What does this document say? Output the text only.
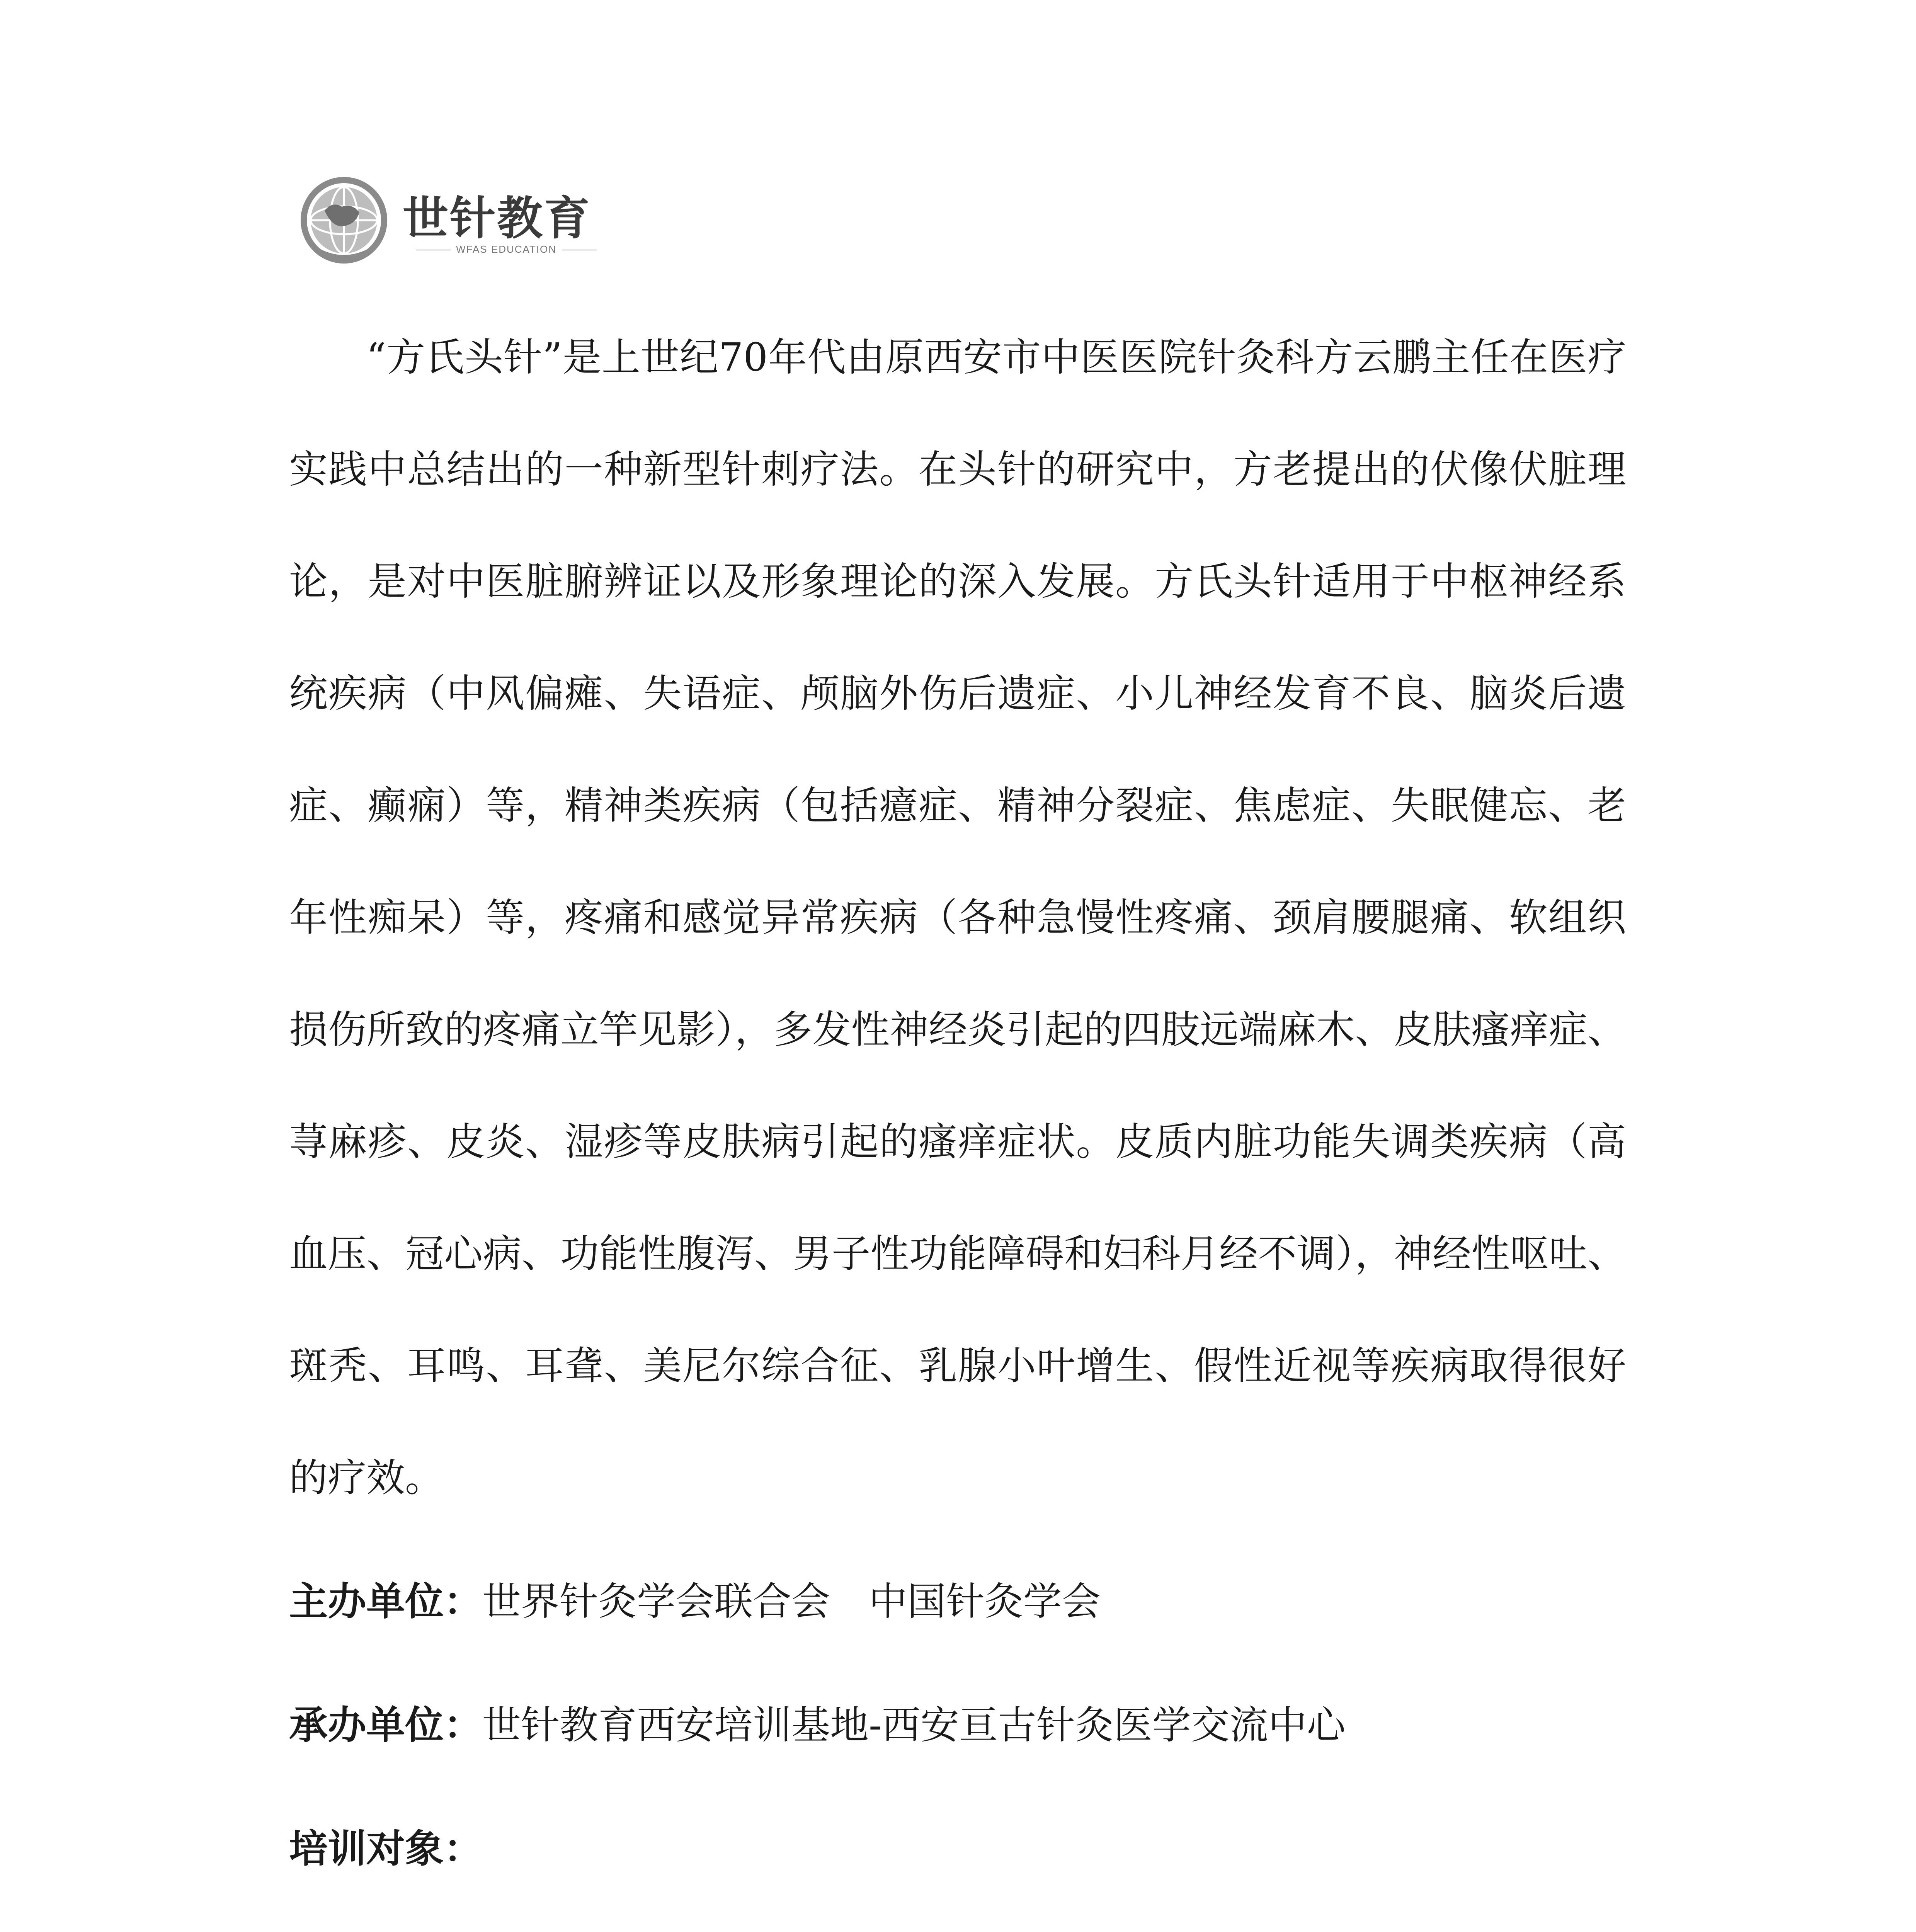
世针教育
WFAS EDUCATION

“方氏头针”是上世纪70年代由原西安市中医医院针灸科方云鹏主任在医疗实践中总结出的一种新型针刺疗法。在头针的研究中，方老提出的伏像伏脏理论，是对中医脏腑辨证以及形象理论的深入发展。方氏头针适用于中枢神经系统疾病（中风偏瘫、失语症、颅脑外伤后遗症、小儿神经发育不良、脑炎后遗症、癫痫）等，精神类疾病（包括癔症、精神分裂症、焦虑症、失眠健忘、老年性痴呆）等，疼痛和感觉异常疾病（各种急慢性疼痛、颈肩腰腿痛、软组织损伤所致的疼痛立竿见影），多发性神经炎引起的四肢远端麻木、皮肤瘙痒症、荨麻疹、皮炎、湿疹等皮肤病引起的瘙痒症状。皮质内脏功能失调类疾病（高血压、冠心病、功能性腹泻、男子性功能障碍和妇科月经不调），神经性呕吐、斑秃、耳鸣、耳聋、美尼尔综合征、乳腺小叶增生、假性近视等疾病取得很好的疗效。

主办单位：世界针灸学会联合会　中国针灸学会

承办单位：世针教育西安培训基地-西安亘古针灸医学交流中心

培训对象：
